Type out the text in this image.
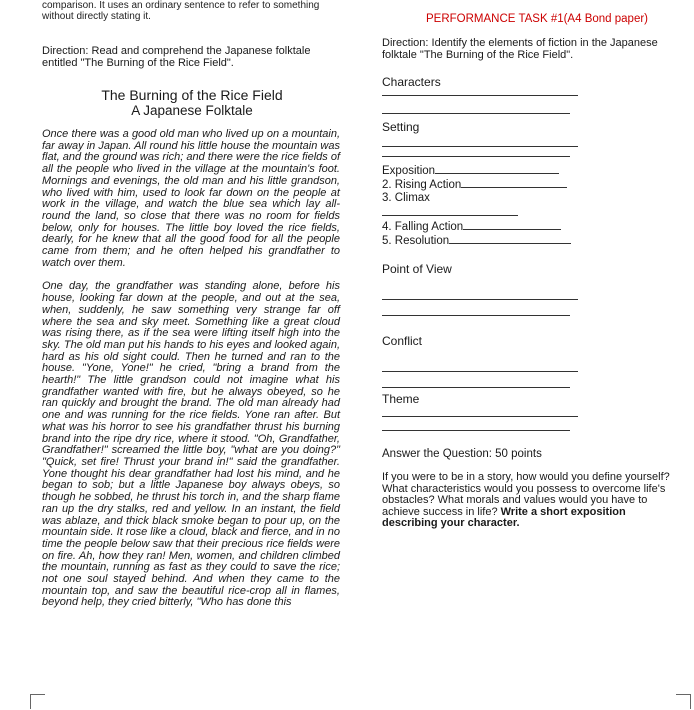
comparison. It uses an ordinary sentence to refer to something without directly stating it.	PERFORMANCE TASK #1(A4 Bond paper)
Direction: Read and comprehend the Japanese folktale entitled "The Burning of the Rice Field".
The Burning of the Rice Field
A Japanese Folktale

Once there was a good old man who lived up on a mountain, far away in Japan. All round his little house the mountain was flat, and the ground was rich; and there were the rice fields of all the people who lived in the village at the mountain's foot. Mornings and evenings, the old man and his little grandson, who lived with him, used to look far down on the people at work in the village, and watch the blue sea which lay all-round the land, so close that there was no room for fields below, only for houses. The little boy loved the rice fields, dearly, for he knew that all the good food for all the people came from them; and he often helped his grandfather to watch over them.

One day, the grandfather was standing alone, before his house, looking far down at the people, and out at the sea, when, suddenly, he saw something very strange far off where the sea and sky meet. Something like a great cloud was rising there, as if the sea were lifting itself high into the sky. The old man put his hands to his eyes and looked again, hard as his old sight could. Then he turned and ran to the house. "Yone, Yone!" he cried, "bring a brand from the hearth!" The little grandson could not imagine what his grandfather wanted with fire, but he always obeyed, so he ran quickly and brought the brand. The old man already had one and was running for the rice fields. Yone ran after. But what was his horror to see his grandfather thrust his burning brand into the ripe dry rice, where it stood. "Oh, Grandfather, Grandfather!" screamed the little boy, "what are you doing?" "Quick, set fire! Thrust your brand in!" said the grandfather. Yone thought his dear grandfather had lost his mind, and he began to sob; but a little Japanese boy always obeys, so though he sobbed, he thrust his torch in, and the sharp flame ran up the dry stalks, red and yellow. In an instant, the field was ablaze, and thick black smoke began to pour up, on the mountain side. It rose like a cloud, black and fierce, and in no time the people below saw that their precious rice fields were on fire. Ah, how they ran! Men, women, and children climbed the mountain, running as fast as they could to save the rice; not one soul stayed behind. And when they came to the mountain top, and saw the beautiful rice-crop all in flames, beyond help, they cried bitterly, "Who has done this

Direction: Identify the elements of fiction in the Japanese folktale "The Burning of the Rice Field".
Characters
Setting
Exposition
2. Rising Action
3. Climax
4. Falling Action
5. Resolution
Point of View
Conflict
Theme
Answer the Question: 50 points
If you were to be in a story, how would you define yourself? What characteristics would you possess to overcome life's obstacles? What morals and values would you have to achieve success in life? Write a short exposition describing your character.
